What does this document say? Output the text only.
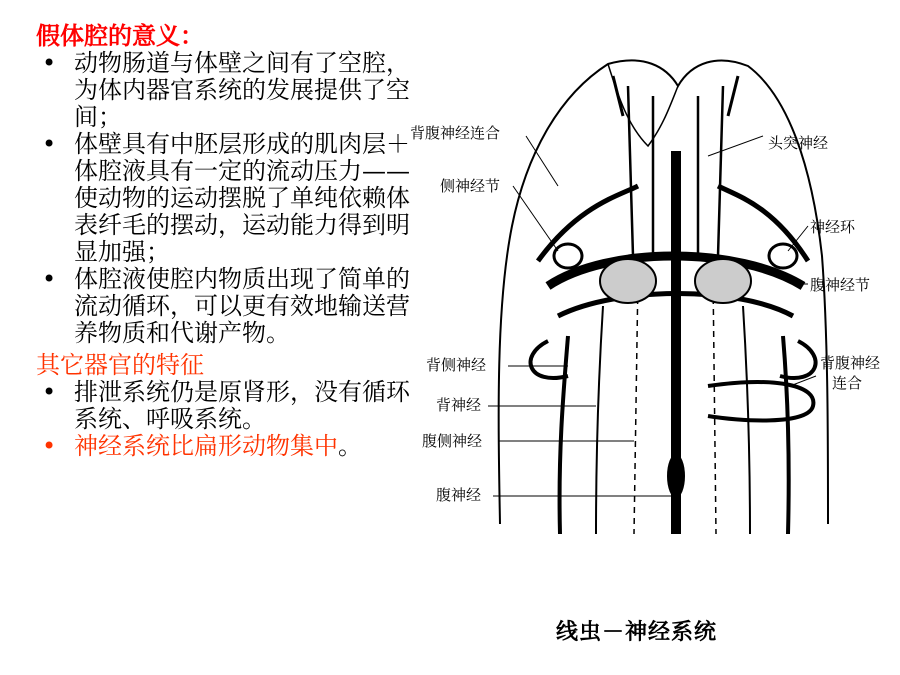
假体腔的意义：
• 动物肠道与体壁之间有了空腔，为体内器官系统的发展提供了空间；
• 体壁具有中胚层形成的肌肉层＋体腔液具有一定的流动压力——使动物的运动摆脱了单纯依赖体表纤毛的摆动，运动能力得到明显加强；
• 体腔液使腔内物质出现了简单的流动循环，可以更有效地输送营养物质和代谢产物。
其它器官的特征
• 排泄系统仍是原肾形，没有循环系统、呼吸系统。
• 神经系统比扁形动物集中。
背腹神经连合
侧神经节
头突神经
神经环
腹神经节
背侧神经	背腹神经
连合
背神经
腹侧神经
腹神经
线虫－神经系统
